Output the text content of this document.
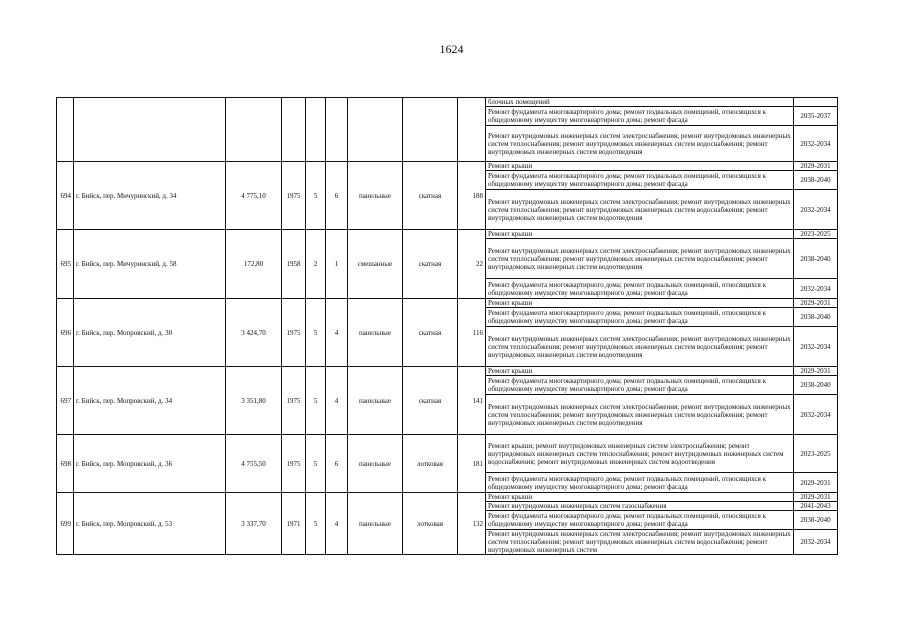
1624
									блочных помещений	
									Ремонт фундамента многоквартирного дома; ремонт подвальных помещений, относящихся к общедомовому имуществу многоквартирного дома; ремонт фасада	2035-2037
									Ремонт внутридомовых инженерных систем электроснабжения; ремонт внутридомовых инженерных систем теплоснабжения; ремонт внутридомовых инженерных систем водоснабжения; ремонт внутридомовых инженерных систем водоотведения	2032-2034
694	г. Бийск, пер. Мичуринский, д. 34	4 775,10	1975	5	6	панельные	скатная	188	Ремонт крыши	2029-2031
									Ремонт фундамента многоквартирного дома; ремонт подвальных помещений, относящихся к общедомовому имуществу многоквартирного дома; ремонт фасада	2038-2040
									Ремонт внутридомовых инженерных систем электроснабжения; ремонт внутридомовых инженерных систем теплоснабжения; ремонт внутридомовых инженерных систем водоснабжения; ремонт внутридомовых инженерных систем водоотведения	2032-2034
695	г. Бийск, пер. Мичуринский, д. 58	172,80	1958	2	1	смешанные	скатная	22	Ремонт крыши	2023-2025
									Ремонт внутридомовых инженерных систем электроснабжения; ремонт внутридомовых инженерных систем теплоснабжения; ремонт внутридомовых инженерных систем водоснабжения; ремонт внутридомовых инженерных систем водоотведения	2038-2040
									Ремонт фундамента многоквартирного дома; ремонт подвальных помещений, относящихся к общедомовому имуществу многоквартирного дома; ремонт фасада	2032-2034
696	г. Бийск, пер. Мопровский, д. 30	3 424,70	1975	5	4	панельные	скатная	116	Ремонт крыши	2029-2031
									Ремонт фундамента многоквартирного дома; ремонт подвальных помещений, относящихся к общедомовому имуществу многоквартирного дома; ремонт фасада	2038-2040
									Ремонт внутридомовых инженерных систем электроснабжения; ремонт внутридомовых инженерных систем теплоснабжения; ремонт внутридомовых инженерных систем водоснабжения; ремонт внутридомовых инженерных систем водоотведения	2032-2034
697	г. Бийск, пер. Мопровский, д. 34	3 351,80	1975	5	4	панельные	скатная	141	Ремонт крыши	2029-2031
									Ремонт фундамента многоквартирного дома; ремонт подвальных помещений, относящихся к общедомовому имуществу многоквартирного дома; ремонт фасада	2038-2040
									Ремонт внутридомовых инженерных систем электроснабжения; ремонт внутридомовых инженерных систем теплоснабжения; ремонт внутридомовых инженерных систем водоснабжения; ремонт внутридомовых инженерных систем водоотведения	2032-2034
698	г. Бийск, пер. Мопровский, д. 36	4 755,50	1975	5	6	панельные	лотковая	181	Ремонт крыши; ремонт внутридомовых инженерных систем электроснабжения; ремонт внутридомовых инженерных систем теплоснабжения; ремонт внутридомовых инженерных систем водоснабжения; ремонт внутридомовых инженерных систем водоотведения	2023-2025
									Ремонт фундамента многоквартирного дома; ремонт подвальных помещений, относящихся к общедомовому имуществу многоквартирного дома; ремонт фасада	2029-2031
699	г. Бийск, пер. Мопровский, д. 53	3 337,70	1971	5	4	панельные	лотковая	132	Ремонт крыши	2029-2031
									Ремонт внутридомовых инженерных систем газоснабжения	2041-2043
									Ремонт фундамента многоквартирного дома; ремонт подвальных помещений, относящихся к общедомовому имуществу многоквартирного дома; ремонт фасада	2038-2040
									Ремонт внутридомовых инженерных систем электроснабжения; ремонт внутридомовых инженерных систем теплоснабжения; ремонт внутридомовых инженерных систем водоснабжения; ремонт внутридомовых инженерных систем	2032-2034
